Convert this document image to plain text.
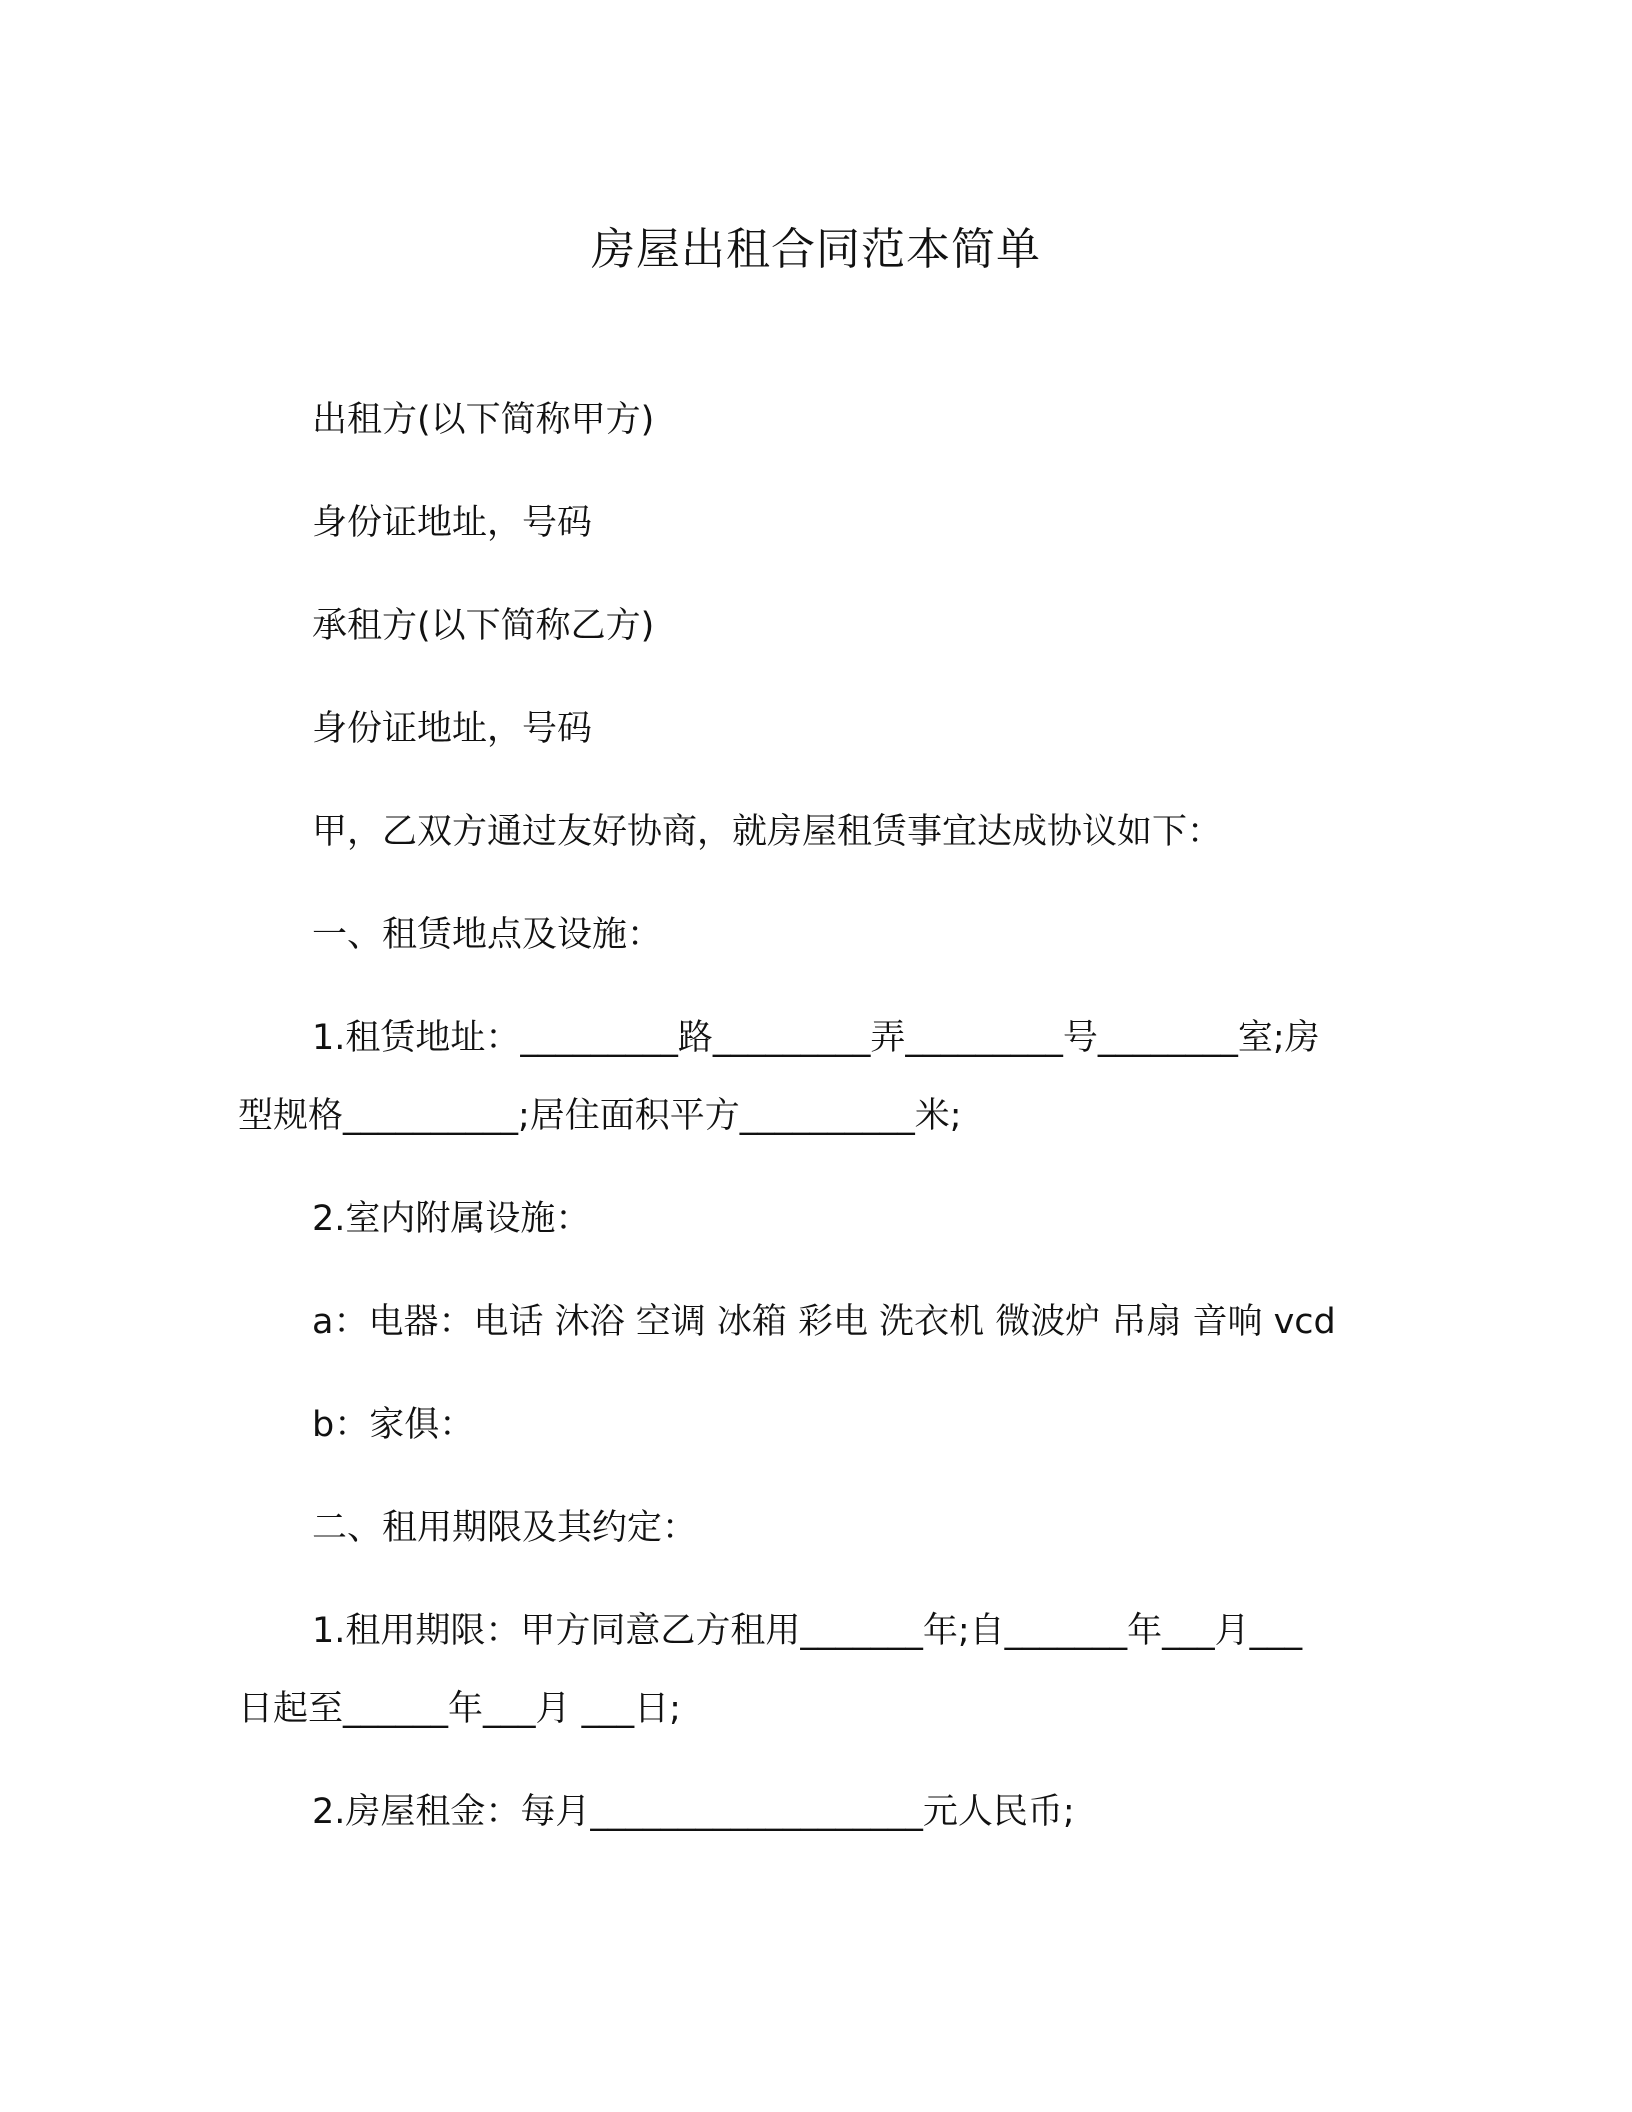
房屋出租合同范本简单
出租方(以下简称甲方)
身份证地址，号码
承租方(以下简称乙方)
身份证地址，号码
甲，乙双方通过友好协商，就房屋租赁事宜达成协议如下：
一、租赁地点及设施：
1.租赁地址：_________路_________弄_________号________室;房
型规格__________;居住面积平方__________米;
2.室内附属设施：
a：电器：电话 沐浴 空调 冰箱 彩电 洗衣机 微波炉 吊扇 音响 vcd
b：家俱：
二、租用期限及其约定：
1.租用期限：甲方同意乙方租用_______年;自_______年___月___
日起至______年___月 ___日;
2.房屋租金：每月___________________元人民币;
